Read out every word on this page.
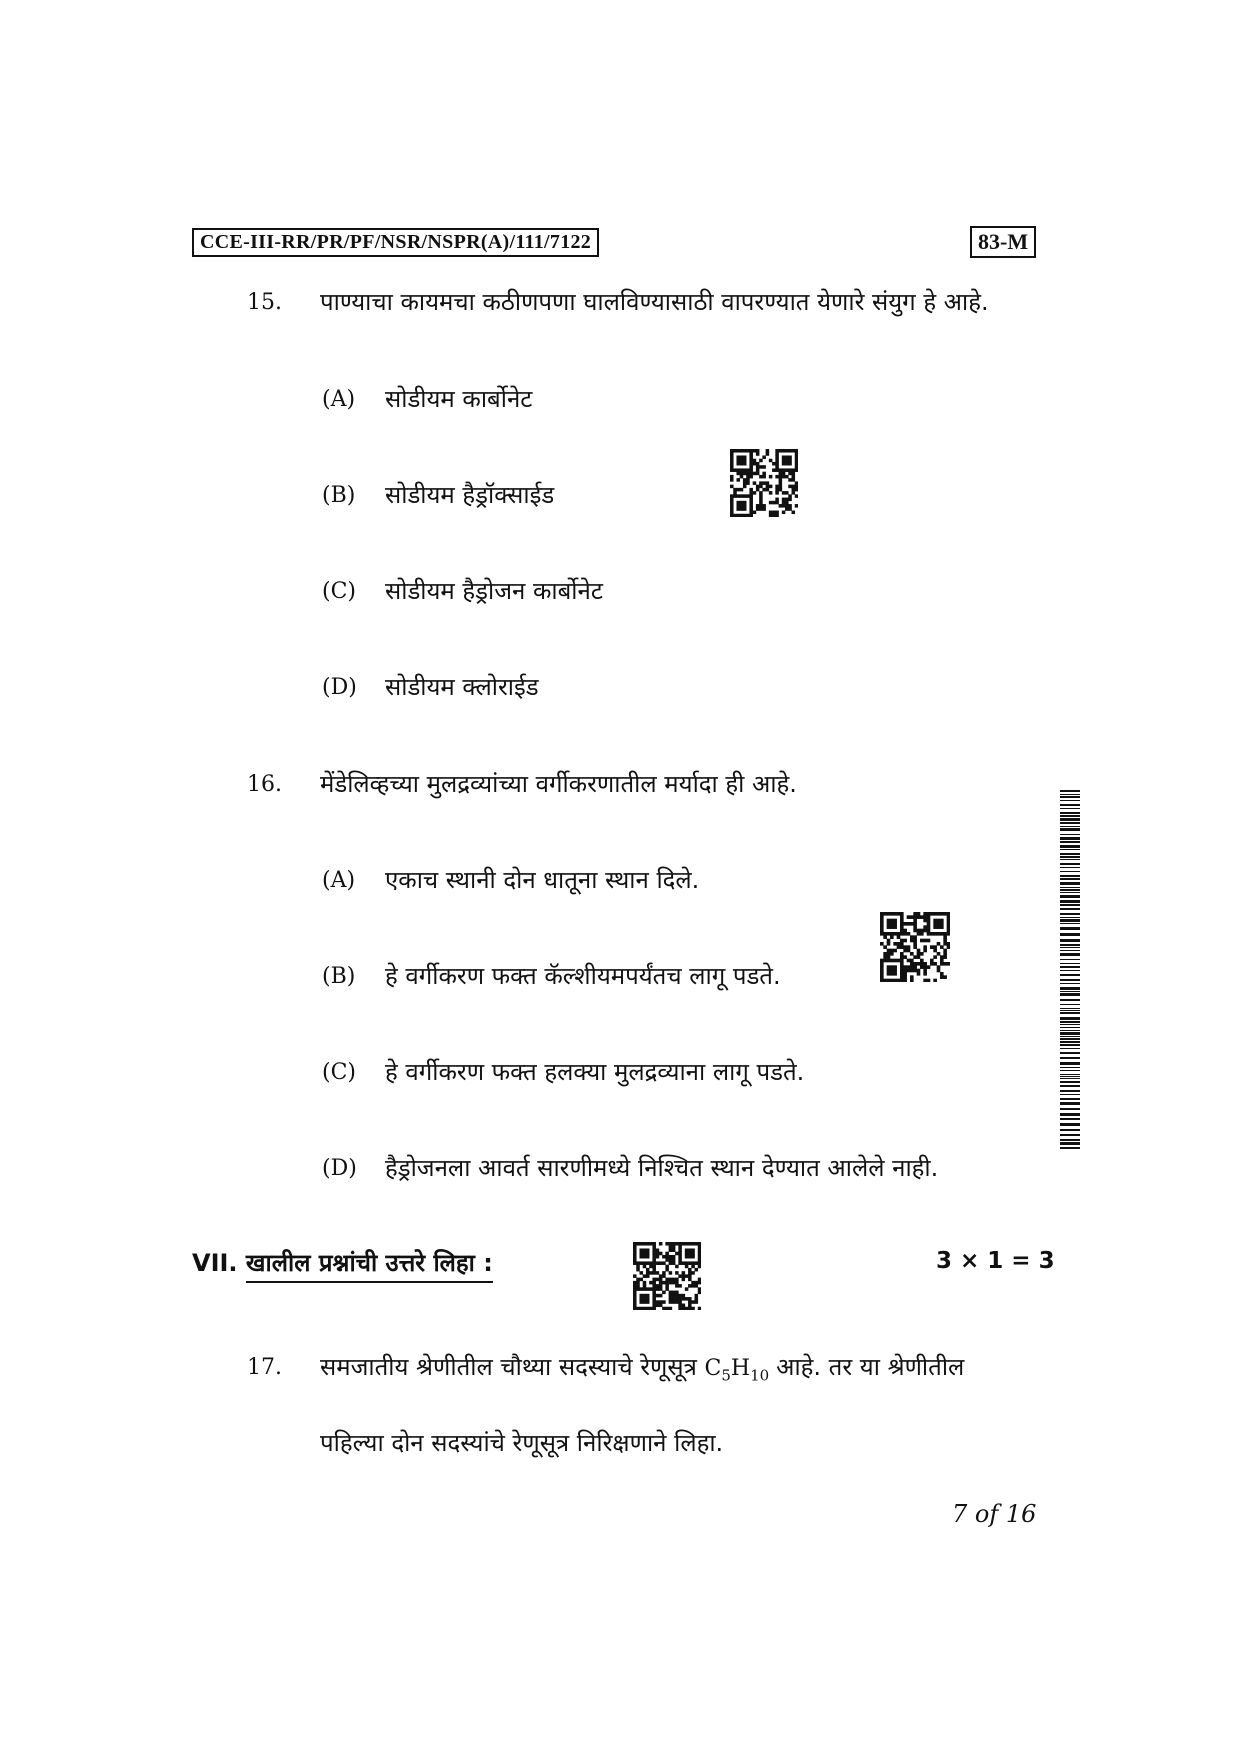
CCE-III-RR/PR/PF/NSR/NSPR(A)/111/7122	83-M
15. पाण्याचा कायमचा कठीणपणा घालविण्यासाठी वापरण्यात येणारे संयुग हे आहे.
(A) सोडीयम कार्बोनेट
(B) सोडीयम हैड्रॉक्साईड
(C) सोडीयम हैड्रोजन कार्बोनेट
(D) सोडीयम क्लोराईड
16. मेंडेलिव्हच्या मुलद्रव्यांच्या वर्गीकरणातील मर्यादा ही आहे.
(A) एकाच स्थानी दोन धातूना स्थान दिले.
(B) हे वर्गीकरण फक्त कॅल्शीयमपर्यंतच लागू पडते.
(C) हे वर्गीकरण फक्त हलक्या मुलद्रव्याना लागू पडते.
(D) हैड्रोजनला आवर्त सारणीमध्ये निश्चित स्थान देण्यात आलेले नाही.
VII. खालील प्रश्नांची उत्तरे लिहा :	3 × 1 = 3
17. समजातीय श्रेणीतील चौथ्या सदस्याचे रेणूसूत्र $C_5H_{10}$ आहे. तर या श्रेणीतील
पहिल्या दोन सदस्यांचे रेणूसूत्र निरिक्षणाने लिहा.
7 of 16
